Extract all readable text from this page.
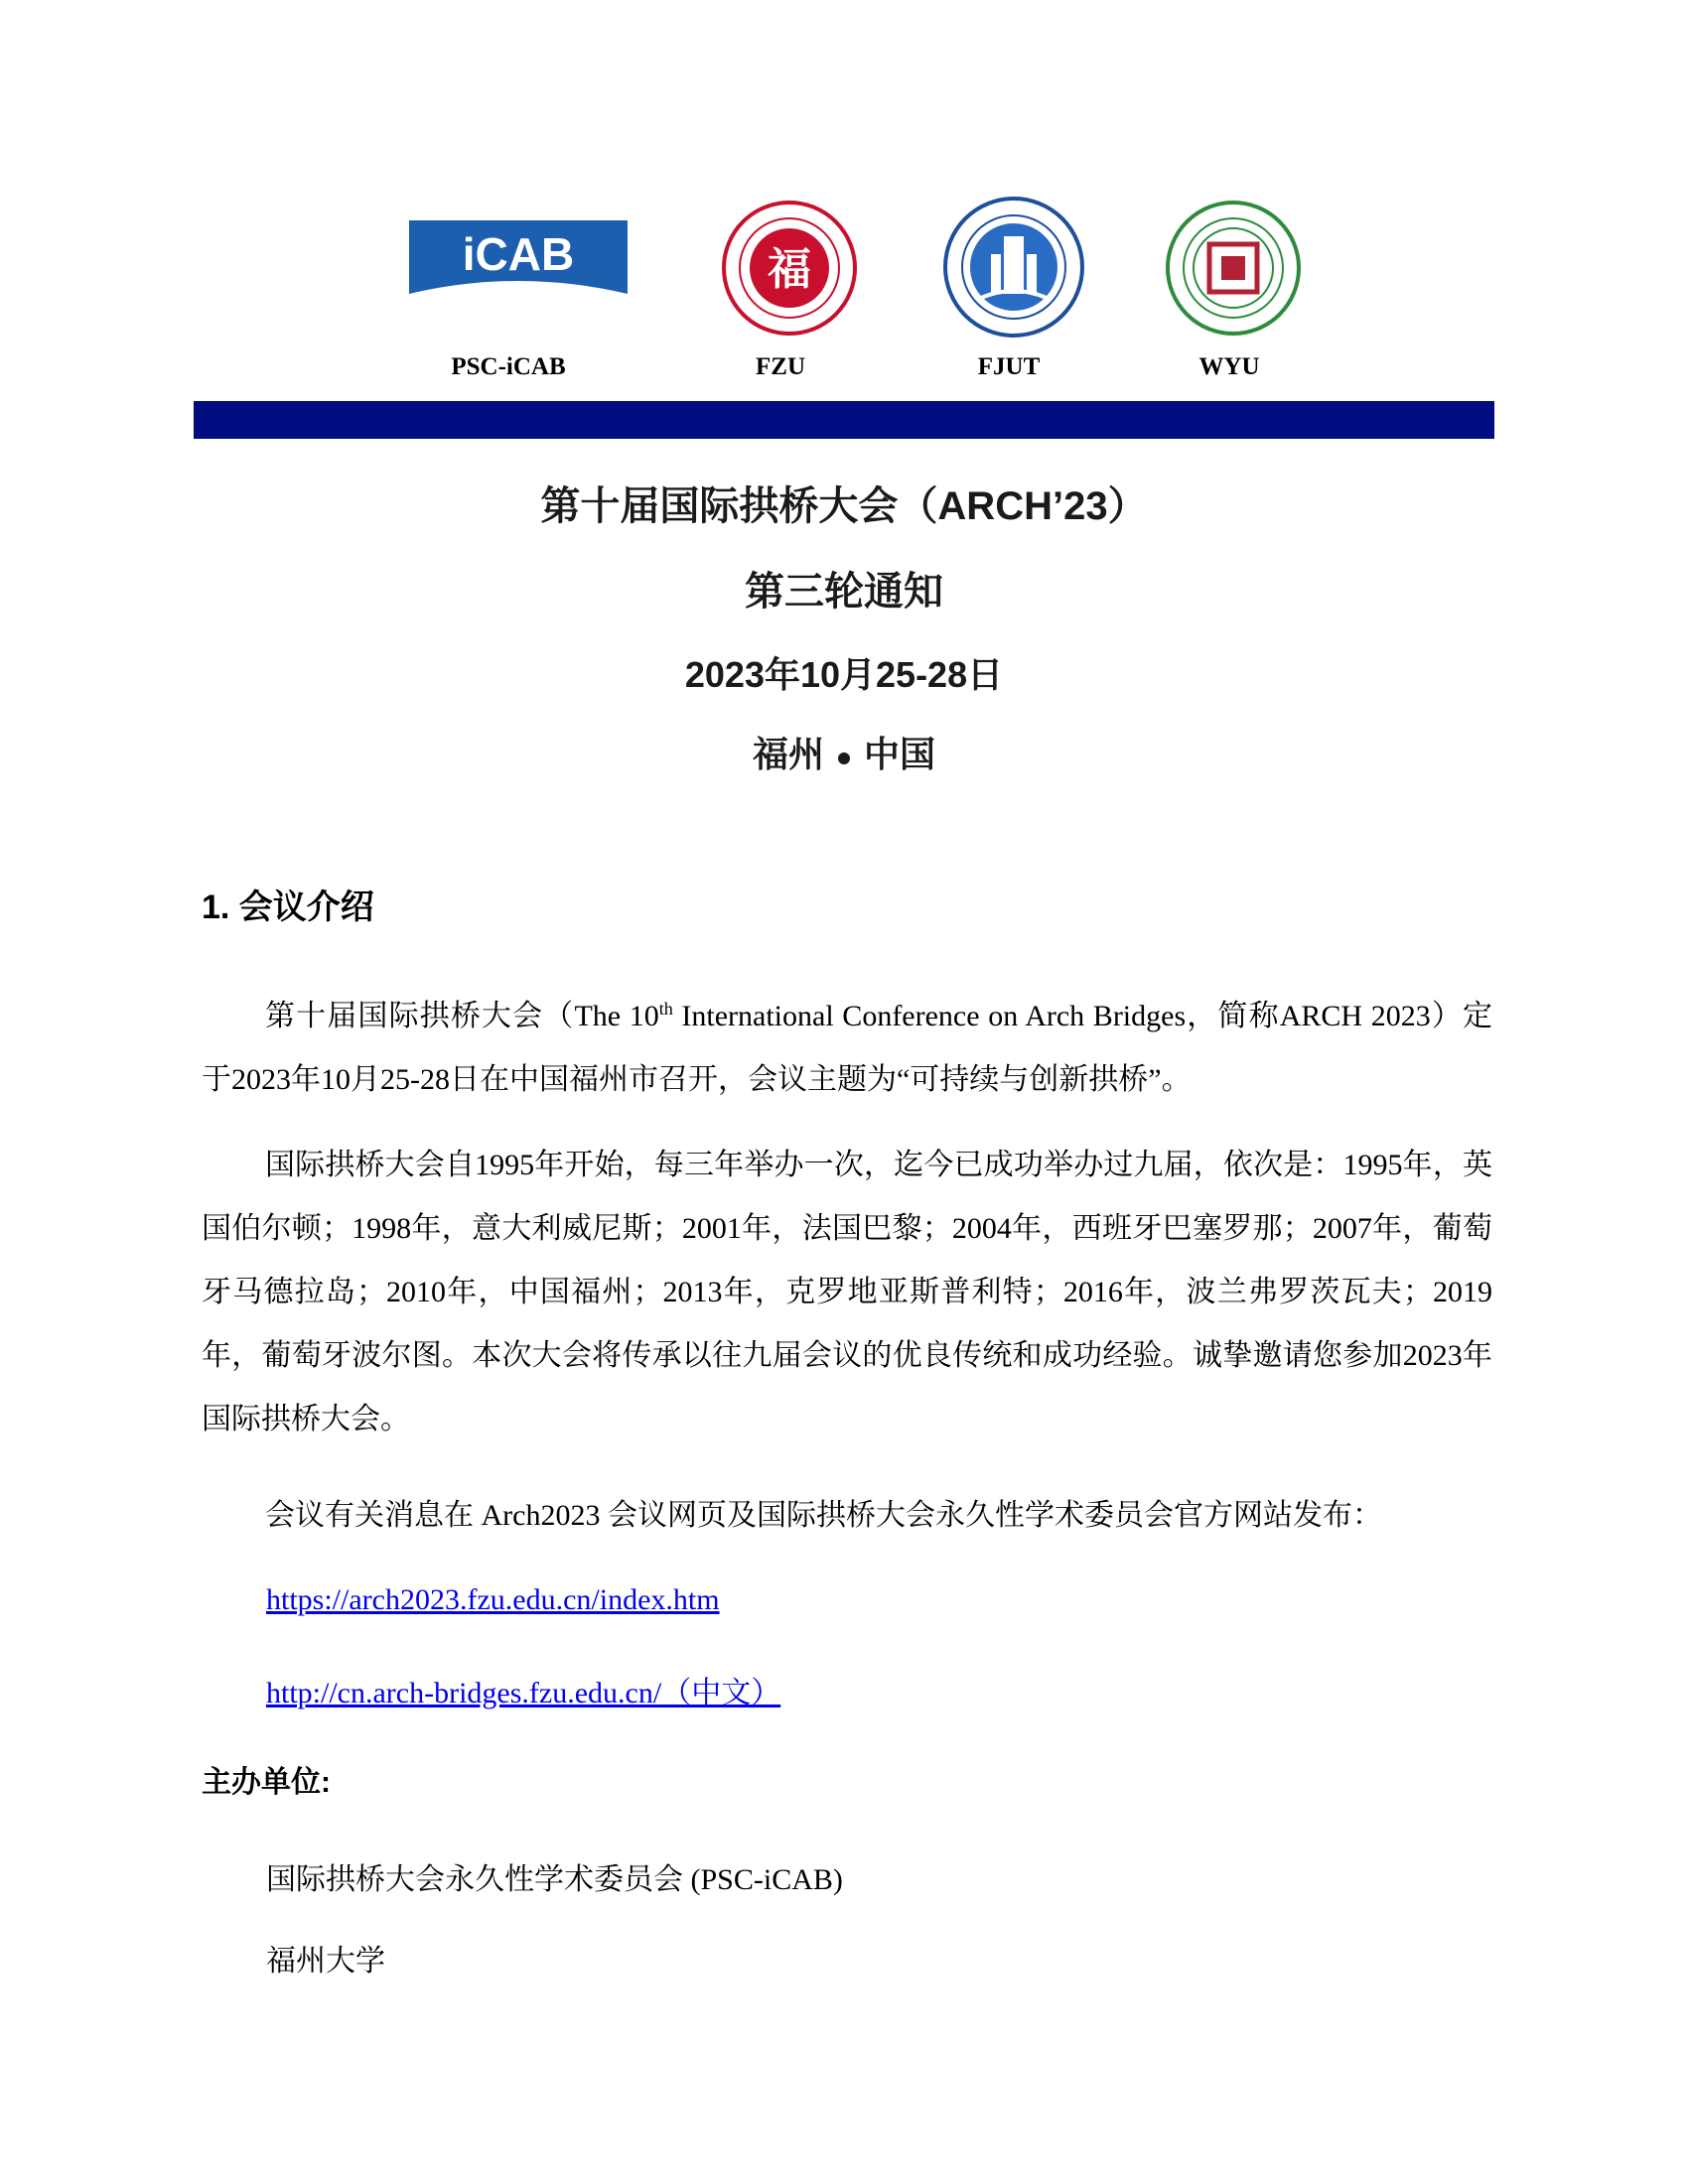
iCAB
PSC-iCAB
福
FZU	FJUT	WYU
第十届国际拱桥大会（ARCH’23）
第三轮通知
2023年10月25-28日
福州 中国
1. 会议介绍

第十届国际拱桥大会（The 10th International Conference on Arch Bridges，简称ARCH 2023）定于2023年10月25-28日在中国福州市召开，会议主题为“可持续与创新拱桥”。

国际拱桥大会自1995年开始，每三年举办一次，迄今已成功举办过九届，依次是：1995年，英国伯尔顿；1998年，意大利威尼斯；2001年，法国巴黎；2004年，西班牙巴塞罗那；2007年，葡萄牙马德拉岛；2010年，中国福州；2013年，克罗地亚斯普利特；2016年，波兰弗罗茨瓦夫；2019年，葡萄牙波尔图。本次大会将传承以往九届会议的优良传统和成功经验。诚挚邀请您参加2023年国际拱桥大会。

会议有关消息在 Arch2023 会议网页及国际拱桥大会永久性学术委员会官方网站发布：

https://arch2023.fzu.edu.cn/index.htm
http://cn.arch-bridges.fzu.edu.cn/（中文）
主办单位:
国际拱桥大会永久性学术委员会 (PSC-iCAB)
福州大学
